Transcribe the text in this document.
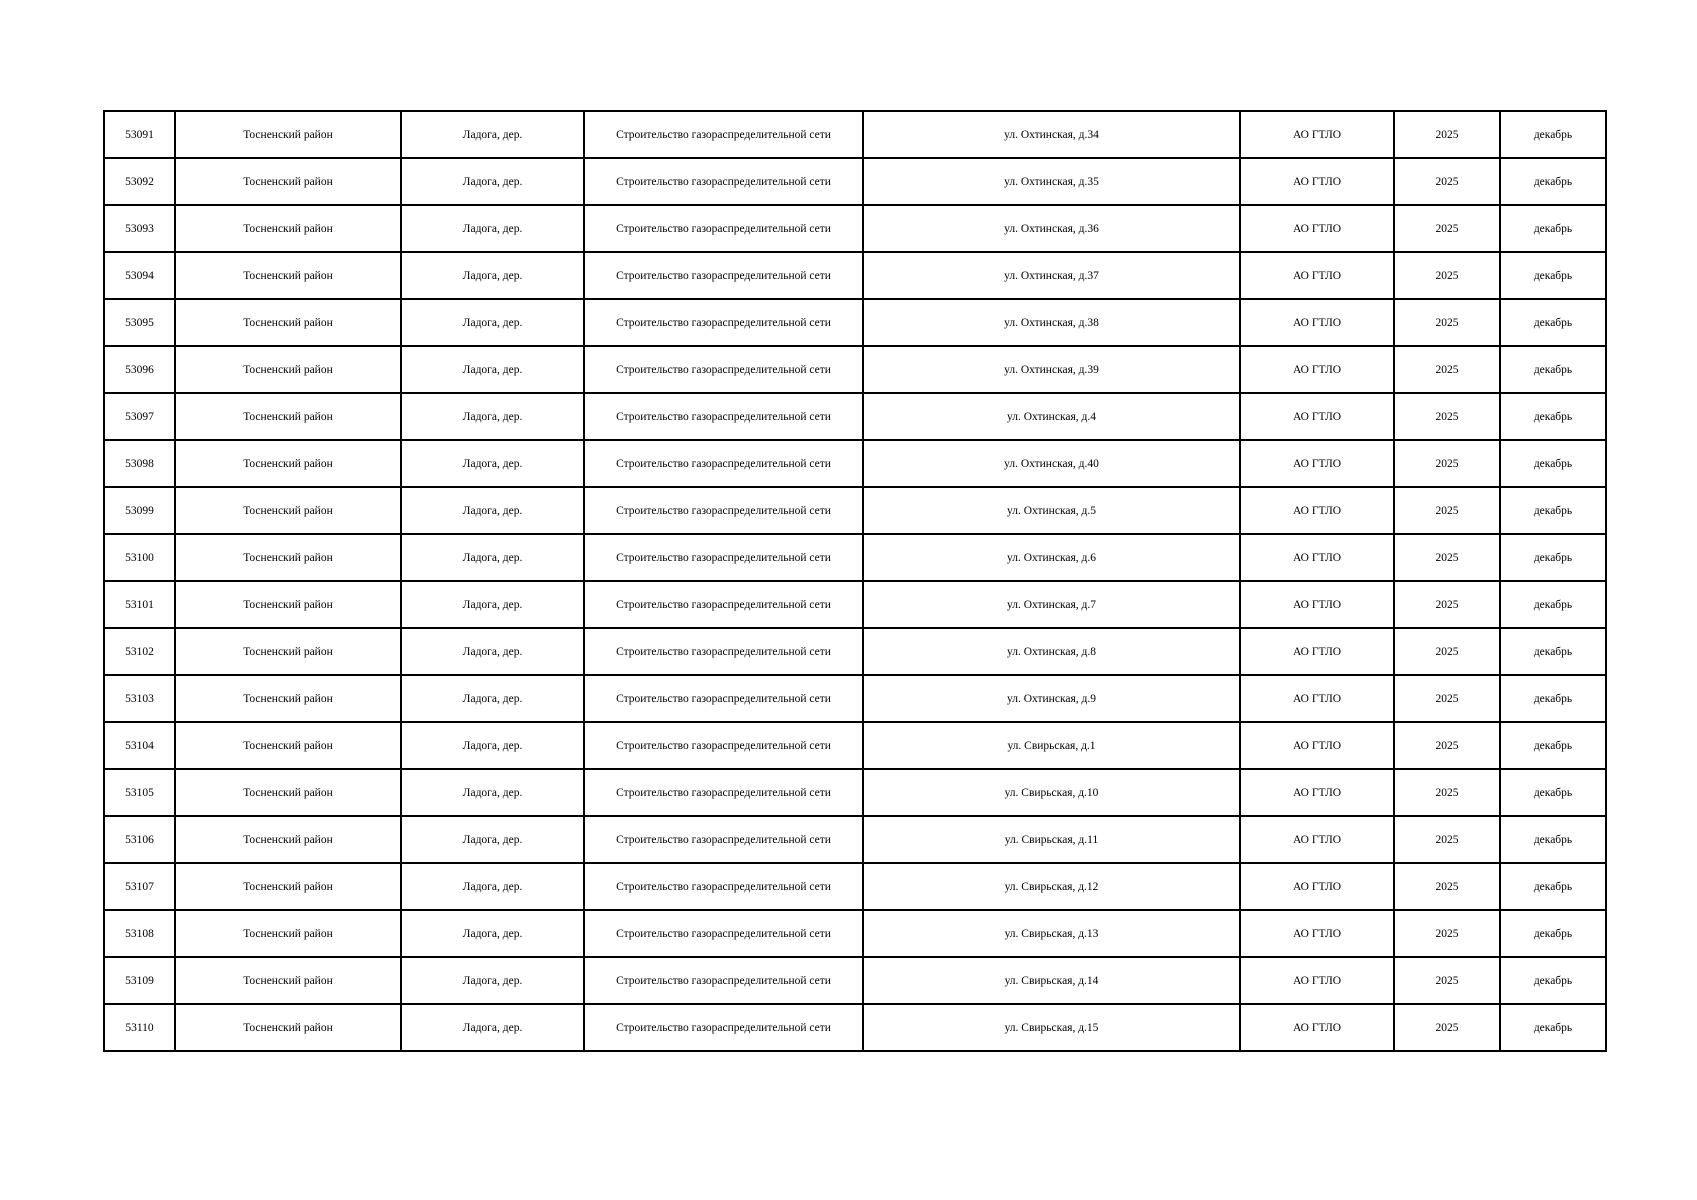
53091	Тосненский район	Ладога, дер.	Строительство газораспределительной сети	ул. Охтинская, д.34	АО ГТЛО	2025	декабрь
53092	Тосненский район	Ладога, дер.	Строительство газораспределительной сети	ул. Охтинская, д.35	АО ГТЛО	2025	декабрь
53093	Тосненский район	Ладога, дер.	Строительство газораспределительной сети	ул. Охтинская, д.36	АО ГТЛО	2025	декабрь
53094	Тосненский район	Ладога, дер.	Строительство газораспределительной сети	ул. Охтинская, д.37	АО ГТЛО	2025	декабрь
53095	Тосненский район	Ладога, дер.	Строительство газораспределительной сети	ул. Охтинская, д.38	АО ГТЛО	2025	декабрь
53096	Тосненский район	Ладога, дер.	Строительство газораспределительной сети	ул. Охтинская, д.39	АО ГТЛО	2025	декабрь
53097	Тосненский район	Ладога, дер.	Строительство газораспределительной сети	ул. Охтинская, д.4	АО ГТЛО	2025	декабрь
53098	Тосненский район	Ладога, дер.	Строительство газораспределительной сети	ул. Охтинская, д.40	АО ГТЛО	2025	декабрь
53099	Тосненский район	Ладога, дер.	Строительство газораспределительной сети	ул. Охтинская, д.5	АО ГТЛО	2025	декабрь
53100	Тосненский район	Ладога, дер.	Строительство газораспределительной сети	ул. Охтинская, д.6	АО ГТЛО	2025	декабрь
53101	Тосненский район	Ладога, дер.	Строительство газораспределительной сети	ул. Охтинская, д.7	АО ГТЛО	2025	декабрь
53102	Тосненский район	Ладога, дер.	Строительство газораспределительной сети	ул. Охтинская, д.8	АО ГТЛО	2025	декабрь
53103	Тосненский район	Ладога, дер.	Строительство газораспределительной сети	ул. Охтинская, д.9	АО ГТЛО	2025	декабрь
53104	Тосненский район	Ладога, дер.	Строительство газораспределительной сети	ул. Свирьская, д.1	АО ГТЛО	2025	декабрь
53105	Тосненский район	Ладога, дер.	Строительство газораспределительной сети	ул. Свирьская, д.10	АО ГТЛО	2025	декабрь
53106	Тосненский район	Ладога, дер.	Строительство газораспределительной сети	ул. Свирьская, д.11	АО ГТЛО	2025	декабрь
53107	Тосненский район	Ладога, дер.	Строительство газораспределительной сети	ул. Свирьская, д.12	АО ГТЛО	2025	декабрь
53108	Тосненский район	Ладога, дер.	Строительство газораспределительной сети	ул. Свирьская, д.13	АО ГТЛО	2025	декабрь
53109	Тосненский район	Ладога, дер.	Строительство газораспределительной сети	ул. Свирьская, д.14	АО ГТЛО	2025	декабрь
53110	Тосненский район	Ладога, дер.	Строительство газораспределительной сети	ул. Свирьская, д.15	АО ГТЛО	2025	декабрь
